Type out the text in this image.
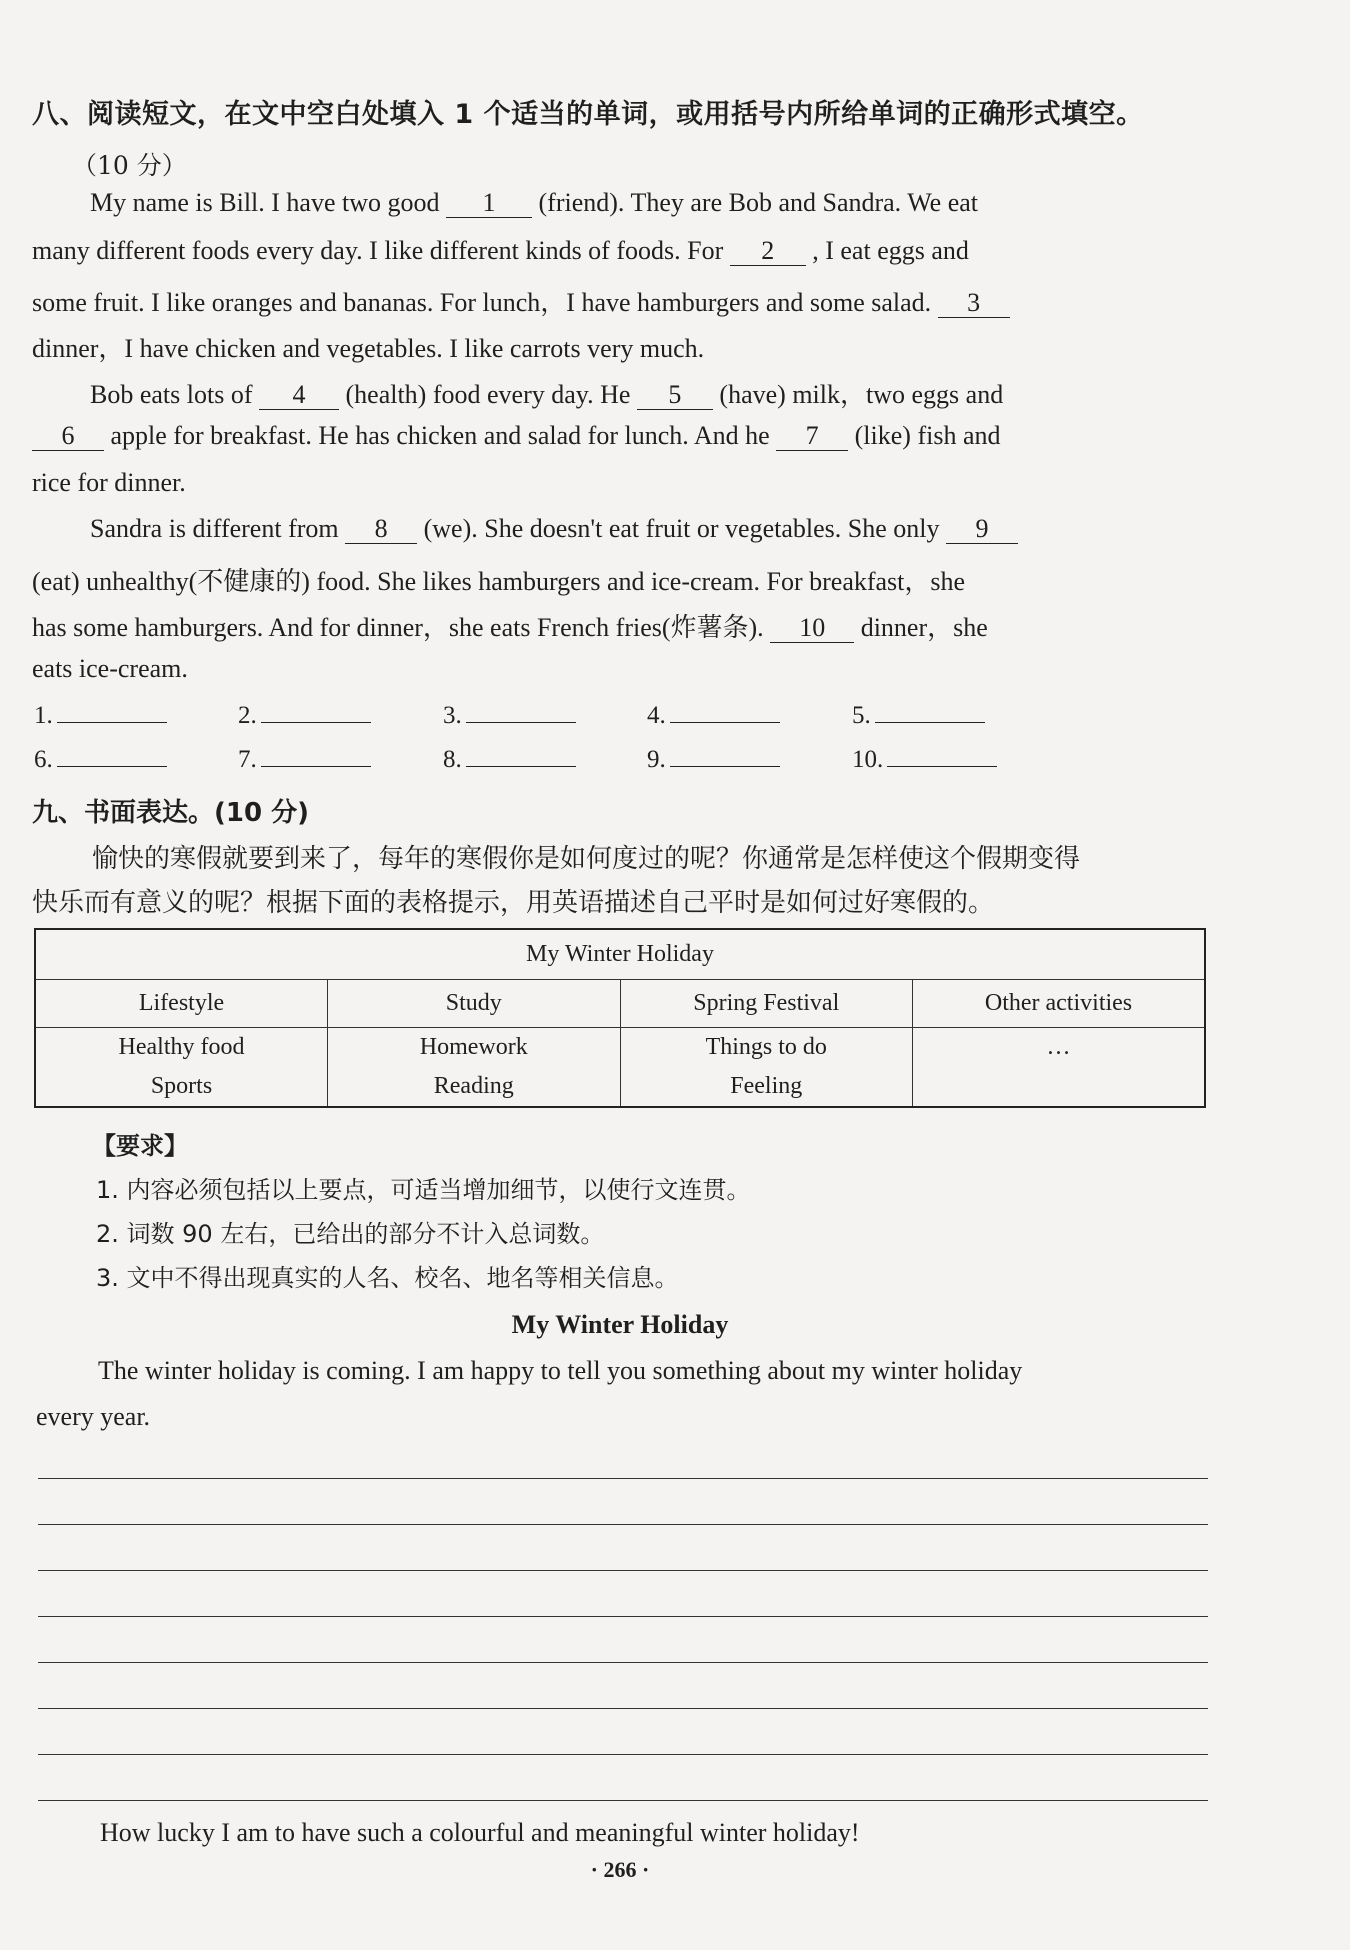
八、阅读短文，在文中空白处填入 1 个适当的单词，或用括号内所给单词的正确形式填空。
（10 分）
My name is Bill. I have two good 1 (friend). They are Bob and Sandra. We eat
many different foods every day. I like different kinds of foods. For 2 , I eat eggs and
some fruit. I like oranges and bananas. For lunch，I have hamburgers and some salad. 3
dinner，I have chicken and vegetables. I like carrots very much.
Bob eats lots of 4 (health) food every day. He 5 (have) milk，two eggs and
6 apple for breakfast. He has chicken and salad for lunch. And he 7 (like) fish and
rice for dinner.
Sandra is different from 8 (we). She doesn't eat fruit or vegetables. She only 9
(eat) unhealthy(不健康的) food. She likes hamburgers and ice-cream. For breakfast，she
has some hamburgers. And for dinner，she eats French fries(炸薯条). 10 dinner，she
eats ice-cream.
1.	2.	3.	4.	5.
6.	7.	8.	9.	10.
九、书面表达。(10 分)
愉快的寒假就要到来了，每年的寒假你是如何度过的呢？你通常是怎样使这个假期变得
快乐而有意义的呢？根据下面的表格提示，用英语描述自己平时是如何过好寒假的。
My Winter Holiday			
Lifestyle	Study	Spring Festival	Other activities
Healthy food	Homework	Things to do	…
Sports	Reading	Feeling	
【要求】
1. 内容必须包括以上要点，可适当增加细节，以使行文连贯。
2. 词数 90 左右，已给出的部分不计入总词数。
3. 文中不得出现真实的人名、校名、地名等相关信息。
My Winter Holiday
The winter holiday is coming. I am happy to tell you something about my winter holiday
every year.
How lucky I am to have such a colourful and meaningful winter holiday!
· 266 ·
